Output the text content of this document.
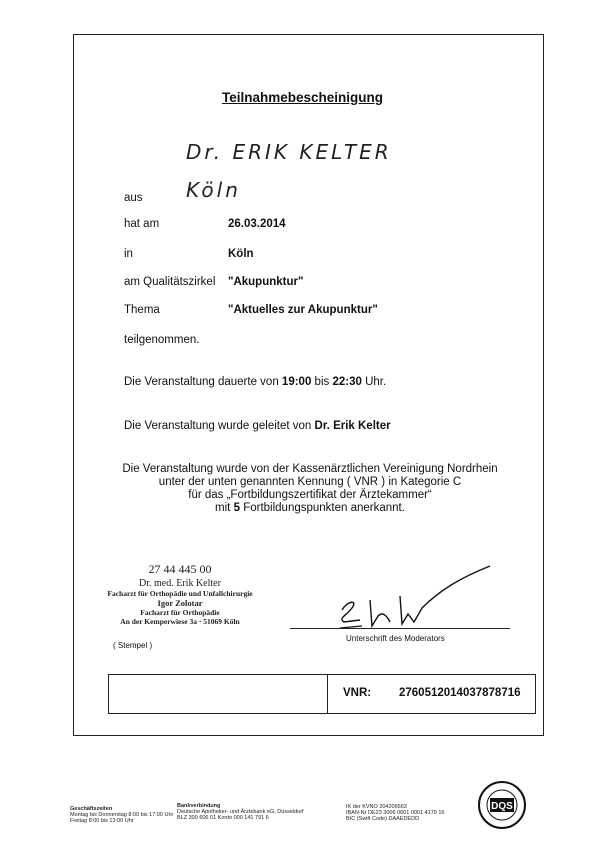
Teilnahmebescheinigung
Dr. ERIK KELTER
aus Köln
hat am	26.03.2014
in	Köln
am Qualitätszirkel "Akupunktur"
Thema	"Aktuelles zur Akupunktur"
teilgenommen.
Die Veranstaltung dauerte von 19:00 bis 22:30 Uhr.
Die Veranstaltung wurde geleitet von Dr. Erik Kelter
Die Veranstaltung wurde von der Kassenärztlichen Vereinigung Nordrhein
unter der unten genannten Kennung ( VNR ) in Kategorie C
für das „Fortbildungszertifikat der Ärztekammer“
mit 5 Fortbildungspunkten anerkannt.
27 44 445 00
Dr. med. Erik Kelter
Facharzt für Orthopädie und Unfallchirurgie
Igor Zolotar
Facharzt für Orthopädie
An der Kemperwiese 3a · 51069 Köln
Unterschrift des Moderators
( Stempel )
VNR: 2760512014037878716
Geschäftszeiten
Montag bis Donnerstag 8:00 bis 17:00 Uhr
Freitag 8:00 bis 13:00 Uhr
Bankverbindung
Deutsche Apotheker- und Ärztebank eG, Düsseldorf
BLZ 300 606 01 Konto 000 141 791 6
IK der KVNO 204206563
IBAN-Nr DE23 3006 0601 0001 4179 16
BIC (Swift Code) DAAEDEDD
DQS
